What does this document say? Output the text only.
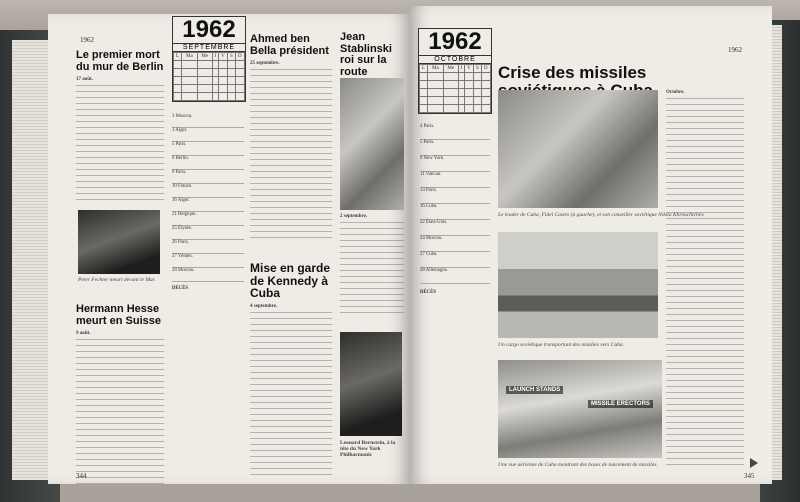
1962
Le premier mort du mur de Berlin
17 août.
Peter Fechter meurt devant le Mur.
Hermann Hesse meurt en Suisse
9 août.
344
1962
SEPTEMBRE
L	Ma	Me	J	V	S	D

3 Moscou.
3 Alger.
5 Paris.
6 Berlin.
9 Paris.
10 France.
16 Alger.
21 Belgique.
25 Élysée.
26 Paris.
27 Yémen.
28 Moscou.
DÉCÈS
Ahmed ben Bella président
25 septembre.
Mise en garde de Kennedy à Cuba
4 septembre.
Jean Stablinski roi sur la route
2 septembre.
Leonard Bernstein, à la tête du New York Philharmonic
1962
1962
OCTOBRE
L	Ma	Me	J	V	S	D

4 Paris.
5 Paris.
9 New York.
11 Vatican.
13 Paris.
16 Cuba.
22 États-Unis.
24 Moscou.
27 Cuba.
28 Allemagne.
DÉCÈS
Crise des missiles
Le leader de Cuba, Fidel Castro (à gauche), et son conseiller soviétique Nikita Khrouchtchev.
Un cargo soviétique transportant des missiles vers Cuba.
LAUNCH STANDS
MISSILE ERECTORS
Une vue aérienne de Cuba montrant des bases de lancement de missiles.
Octobre.
345
